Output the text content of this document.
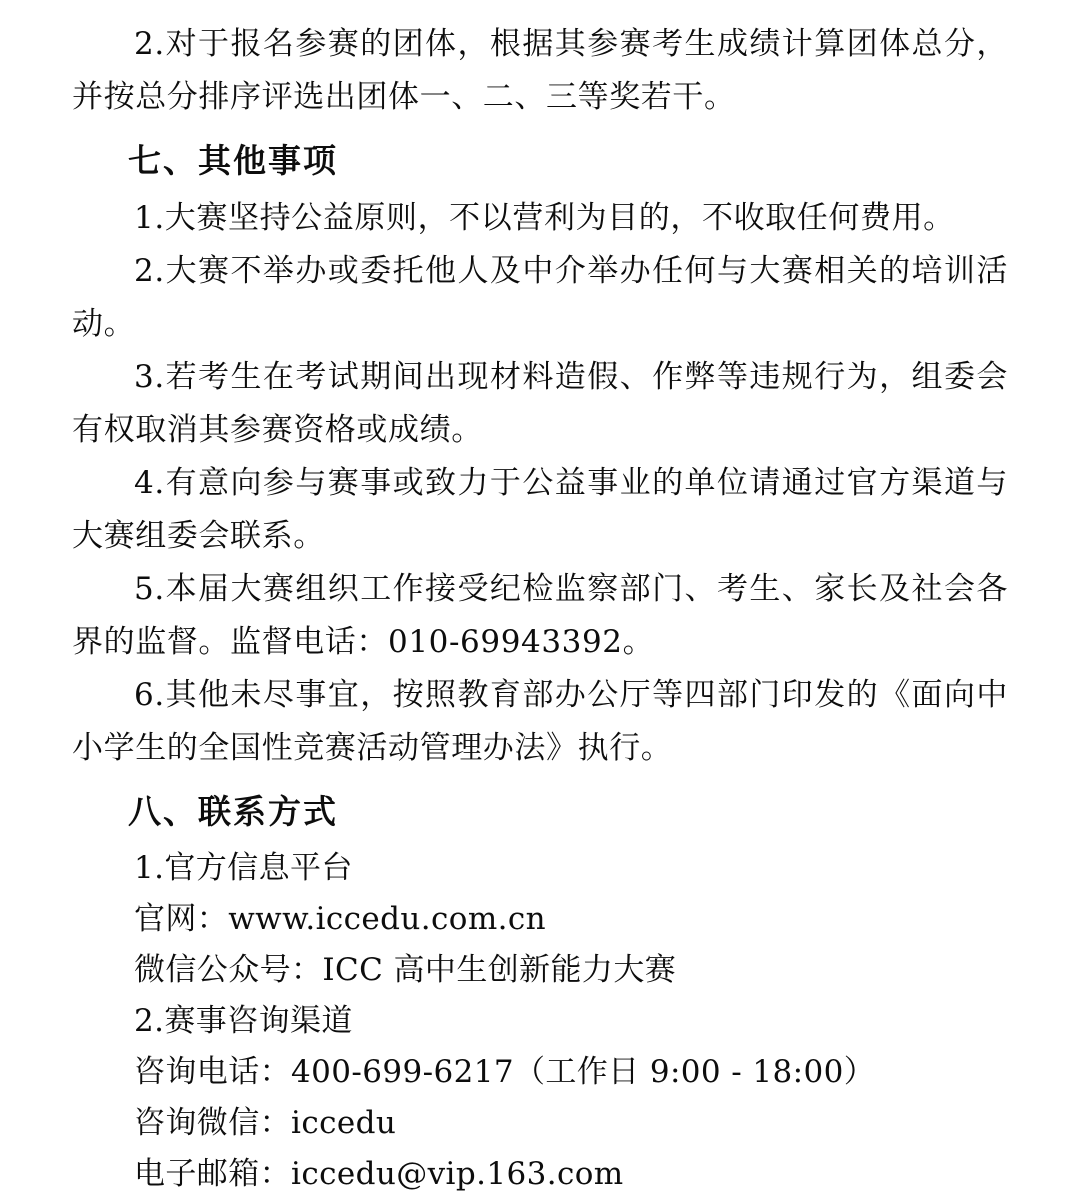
2.对于报名参赛的团体，根据其参赛考生成绩计算团体总分，并按总分排序评选出团体一、二、三等奖若干。

七、其他事项

1.大赛坚持公益原则，不以营利为目的，不收取任何费用。

2.大赛不举办或委托他人及中介举办任何与大赛相关的培训活动。

3.若考生在考试期间出现材料造假、作弊等违规行为，组委会有权取消其参赛资格或成绩。

4.有意向参与赛事或致力于公益事业的单位请通过官方渠道与大赛组委会联系。

5.本届大赛组织工作接受纪检监察部门、考生、家长及社会各界的监督。监督电话：010-69943392。

6.其他未尽事宜，按照教育部办公厅等四部门印发的《面向中小学生的全国性竞赛活动管理办法》执行。

八、联系方式

1.官方信息平台

官网：www.iccedu.com.cn

微信公众号：ICC 高中生创新能力大赛

2.赛事咨询渠道

咨询电话：400-699-6217（工作日 9:00 - 18:00）

咨询微信：iccedu

电子邮箱：iccedu@vip.163.com
